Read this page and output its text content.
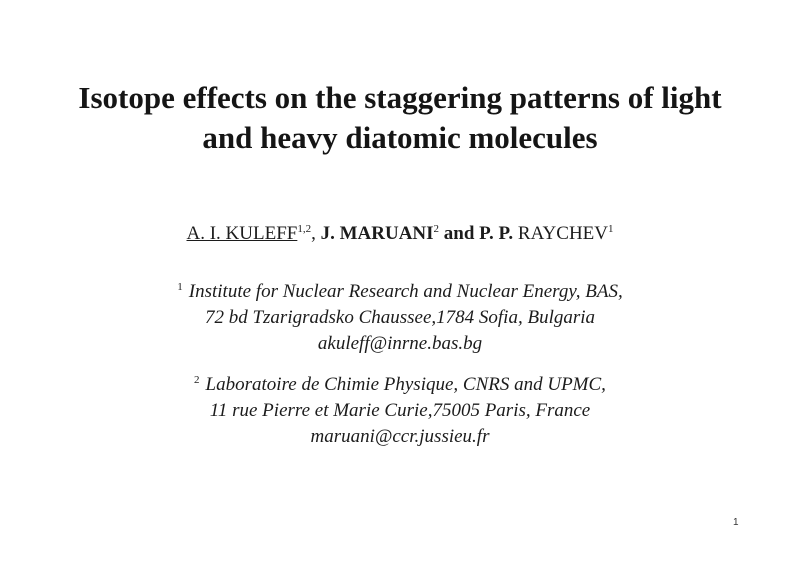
Isotope effects on the staggering patterns of light
and heavy diatomic molecules
A. I. KULEFF$^{1,2}$, J. MARUANI$^2$ and P. P. RAYCHEV$^1$
$^1$ Institute for Nuclear Research and Nuclear Energy, BAS,
72 bd Tzarigradsko Chaussee,1784 Sofia, Bulgaria
akuleff@inrne.bas.bg
$^2$ Laboratoire de Chimie Physique, CNRS and UPMC,
11 rue Pierre et Marie Curie,75005 Paris, France
maruani@ccr.jussieu.fr
1
